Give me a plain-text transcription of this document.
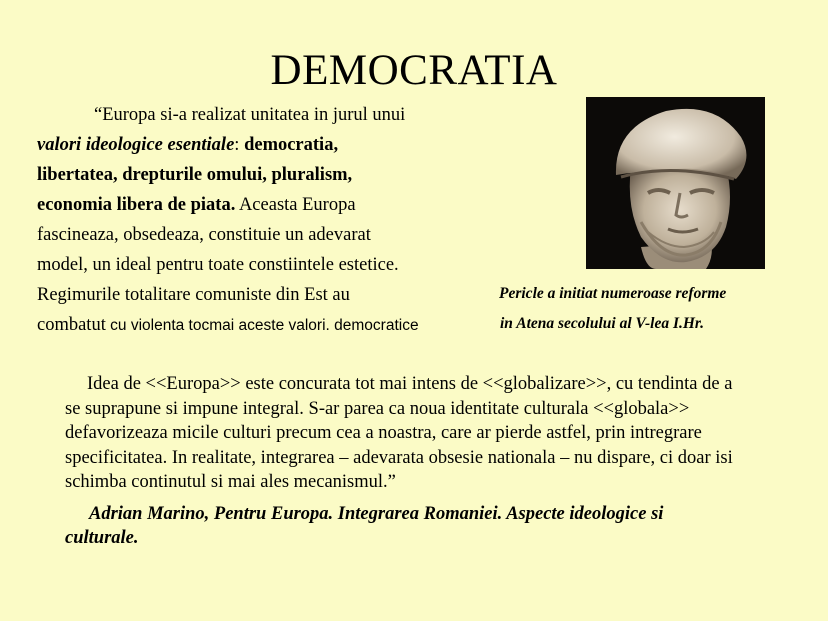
DEMOCRATIA
“Europa si-a realizat unitatea in jurul unui
valori ideologice esentiale: democratia,
libertatea, drepturile omului, pluralism,
economia libera de piata. Aceasta Europa
fascineaza, obsedeaza, constituie un adevarat
model, un ideal pentru toate constiintele estetice.
Regimurile totalitare comuniste din Est au
combatut cu violenta tocmai aceste valori. democratice
Pericle a initiat numeroase reforme
in Atena secolului al V-lea I.Hr.
Idea de <<Europa>> este concurata tot mai intens de <<globalizare>>, cu tendinta de a
se suprapune si impune integral. S-ar parea ca noua identitate culturala <<globala>>
defavorizeaza micile culturi precum cea a noastra, care ar pierde astfel, prin intregrare
specificitatea. In realitate, integrarea – adevarata obsesie nationala – nu dispare, ci doar isi
schimba continutul si mai ales mecanismul.”
Adrian Marino, Pentru Europa. Integrarea Romaniei. Aspecte ideologice si
culturale.
